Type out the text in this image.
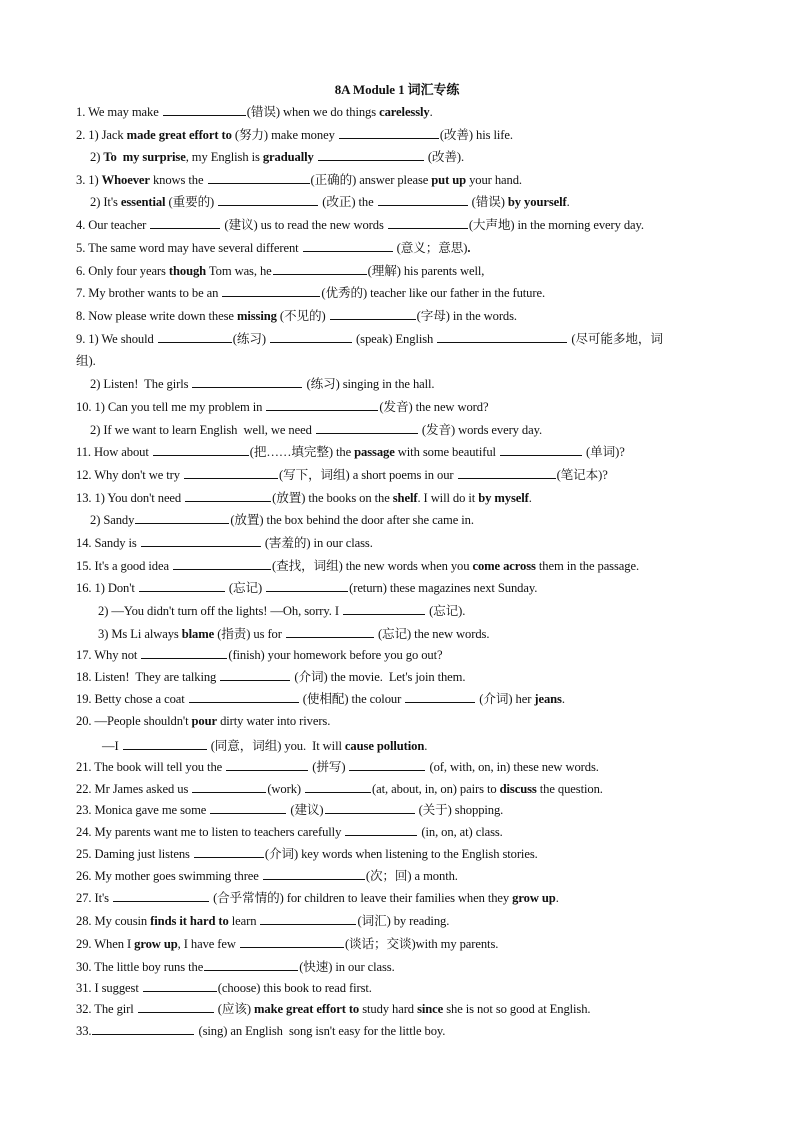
8A Module 1 词汇专练
1. We may make	(错误) when we do things carelessly.
2. 1) Jack made great effort to (努力) make money	(改善) his life.
2) To  my surprise, my English is gradually	(改善).
3. 1) Whoever knows the	(正确的) answer please put up your hand.
2) It's essential (重要的)	(改正) the	(错误) by yourself.
4. Our teacher	(建议) us to read the new words	(大声地) in the morning every day.
5. The same word may have several different	(意义；意思).
6. Only four years though Tom was, he	(理解) his parents well,
7. My brother wants to be an	(优秀的) teacher like our father in the future.
8. Now please write down these missing (不见的)	(字母) in the words.
9. 1) We should	(练习)	(speak) English	(尽可能多地，词
组).
2) Listen!  The girls	(练习) singing in the hall.
10. 1) Can you tell me my problem in	(发音) the new word?
2) If we want to learn English  well, we need	(发音) words every day.
11. How about	(把……填完整) the passage with some beautiful	(单词)?
12. Why don't we try	(写下，词组) a short poems in our	(笔记本)?
13. 1) You don't need	(放置) the books on the shelf. I will do it by myself.
2) Sandy	(放置) the box behind the door after she came in.
14. Sandy is	(害羞的) in our class.
15. It's a good idea	(查找，词组) the new words when you come across them in the passage.
16. 1) Don't	(忘记)	(return) these magazines next Sunday.
2) —You didn't turn off the lights! —Oh, sorry. I	(忘记).
3) Ms Li always blame (指责) us for	(忘记) the new words.
17. Why not	(finish) your homework before you go out?
18. Listen!  They are talking	(介词) the movie.  Let's join them.
19. Betty chose a coat	(使相配) the colour	(介词) her jeans.
20. —People shouldn't pour dirty water into rivers.
—I	(同意，词组) you.  It will cause pollution.
21. The book will tell you the	(拼写)	(of, with, on, in) these new words.
22. Mr James asked us	(work)	(at, about, in, on) pairs to discuss the question.
23. Monica gave me some	(建议)	(关于) shopping.
24. My parents want me to listen to teachers carefully	(in, on, at) class.
25. Daming just listens	(介词) key words when listening to the English stories.
26. My mother goes swimming three	(次；回) a month.
27. It's	(合乎常情的) for children to leave their families when they grow up.
28. My cousin finds it hard to learn	(词汇) by reading.
29. When I grow up, I have few	(谈话；交谈)with my parents.
30. The little boy runs the	(快速) in our class.
31. I suggest	(choose) this book to read first.
32. The girl	(应该) make great effort to study hard since she is not so good at English.
33.	(sing) an English  song isn't easy for the little boy.
